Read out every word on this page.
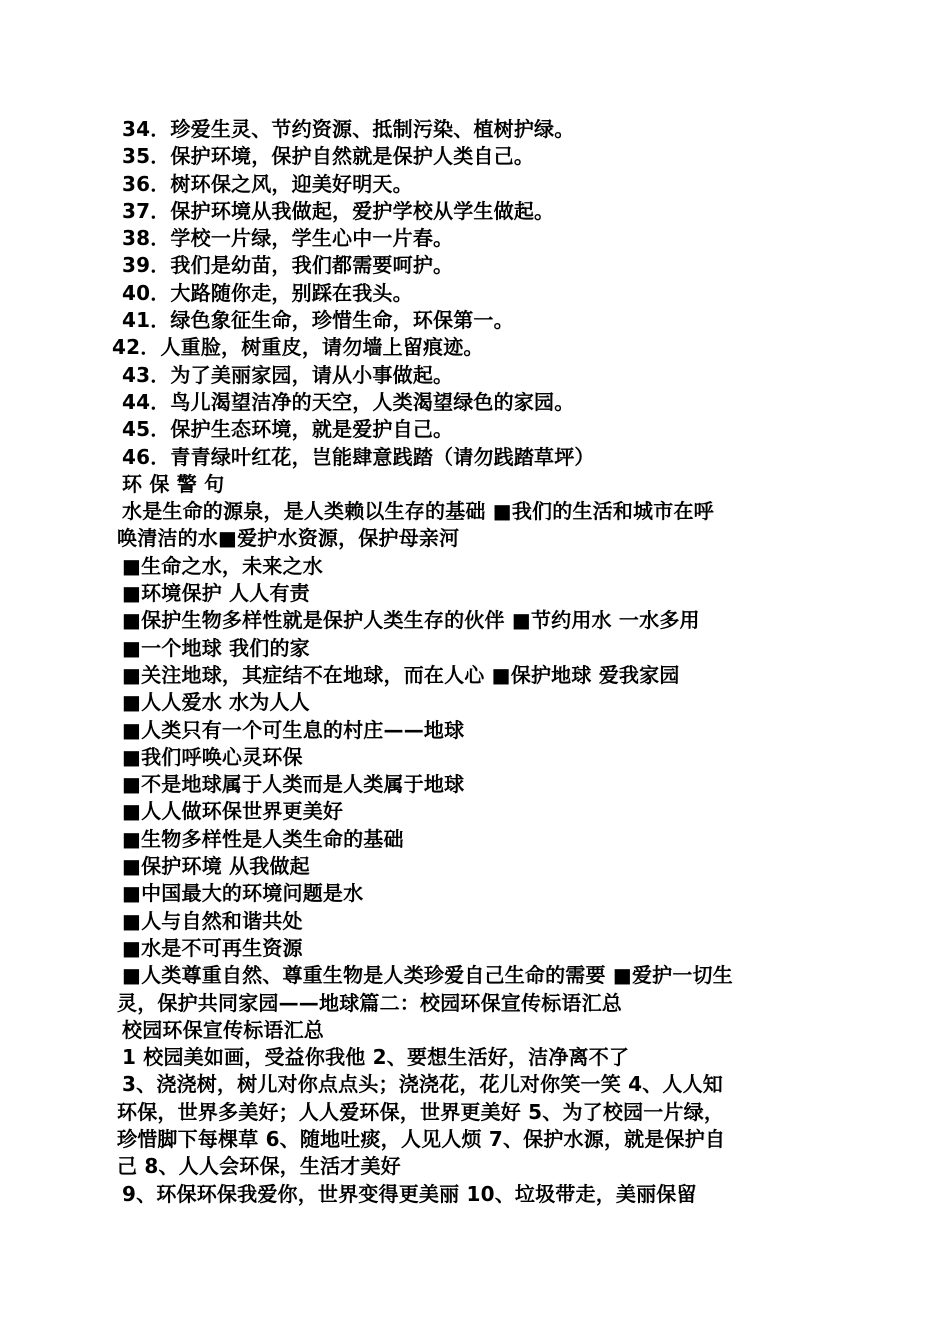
34．珍爱生灵、节约资源、抵制污染、植树护绿。
35．保护环境，保护自然就是保护人类自己。
36．树环保之风，迎美好明天。
37．保护环境从我做起，爱护学校从学生做起。
38．学校一片绿，学生心中一片春。
39．我们是幼苗，我们都需要呵护。
40．大路随你走，别踩在我头。
41．绿色象征生命，珍惜生命，环保第一。
42．人重脸，树重皮，请勿墙上留痕迹。
43．为了美丽家园，请从小事做起。
44．鸟儿渴望洁净的天空，人类渴望绿色的家园。
45．保护生态环境，就是爱护自己。
46．青青绿叶红花，岂能肆意践踏（请勿践踏草坪）
环 保 警 句
水是生命的源泉，是人类赖以生存的基础 ■我们的生活和城市在呼
唤清洁的水■爱护水资源，保护母亲河
■生命之水，未来之水
■环境保护 人人有责
■保护生物多样性就是保护人类生存的伙伴 ■节约用水 一水多用
■一个地球 我们的家
■关注地球，其症结不在地球，而在人心 ■保护地球 爱我家园
■人人爱水 水为人人
■人类只有一个可生息的村庄——地球
■我们呼唤心灵环保
■不是地球属于人类而是人类属于地球
■人人做环保世界更美好
■生物多样性是人类生命的基础
■保护环境 从我做起
■中国最大的环境问题是水
■人与自然和谐共处
■水是不可再生资源
■人类尊重自然、尊重生物是人类珍爱自己生命的需要 ■爱护一切生
灵，保护共同家园——地球篇二：校园环保宣传标语汇总
校园环保宣传标语汇总
1 校园美如画，受益你我他 2、要想生活好，洁净离不了
3、浇浇树，树儿对你点点头；浇浇花，花儿对你笑一笑 4、人人知
环保，世界多美好；人人爱环保，世界更美好 5、为了校园一片绿，
珍惜脚下每棵草 6、随地吐痰，人见人烦 7、保护水源，就是保护自
己 8、人人会环保，生活才美好
9、环保环保我爱你，世界变得更美丽 10、垃圾带走，美丽保留
